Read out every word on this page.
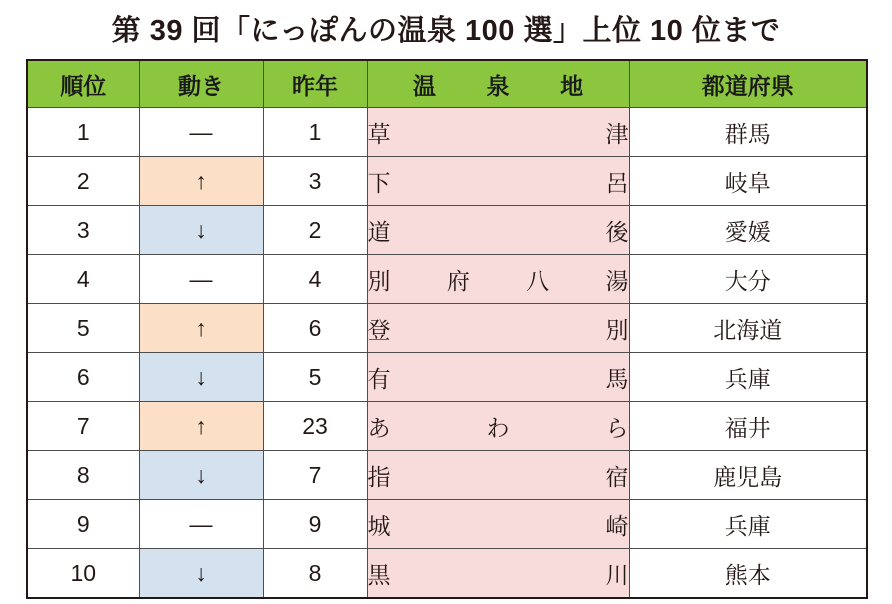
第 39 回「にっぽんの温泉 100 選」上位 10 位まで
順位	動き	昨年	温　泉　地	都道府県
1	—	1	草 津	群馬
2	↑	3	下 呂	岐阜
3	↓	2	道 後	愛媛
4	—	4	別 府 八 湯	大分
5	↑	6	登 別	北海道
6	↓	5	有 馬	兵庫
7	↑	23	あ わ ら	福井
8	↓	7	指 宿	鹿児島
9	—	9	城 崎	兵庫
10	↓	8	黒 川	熊本
